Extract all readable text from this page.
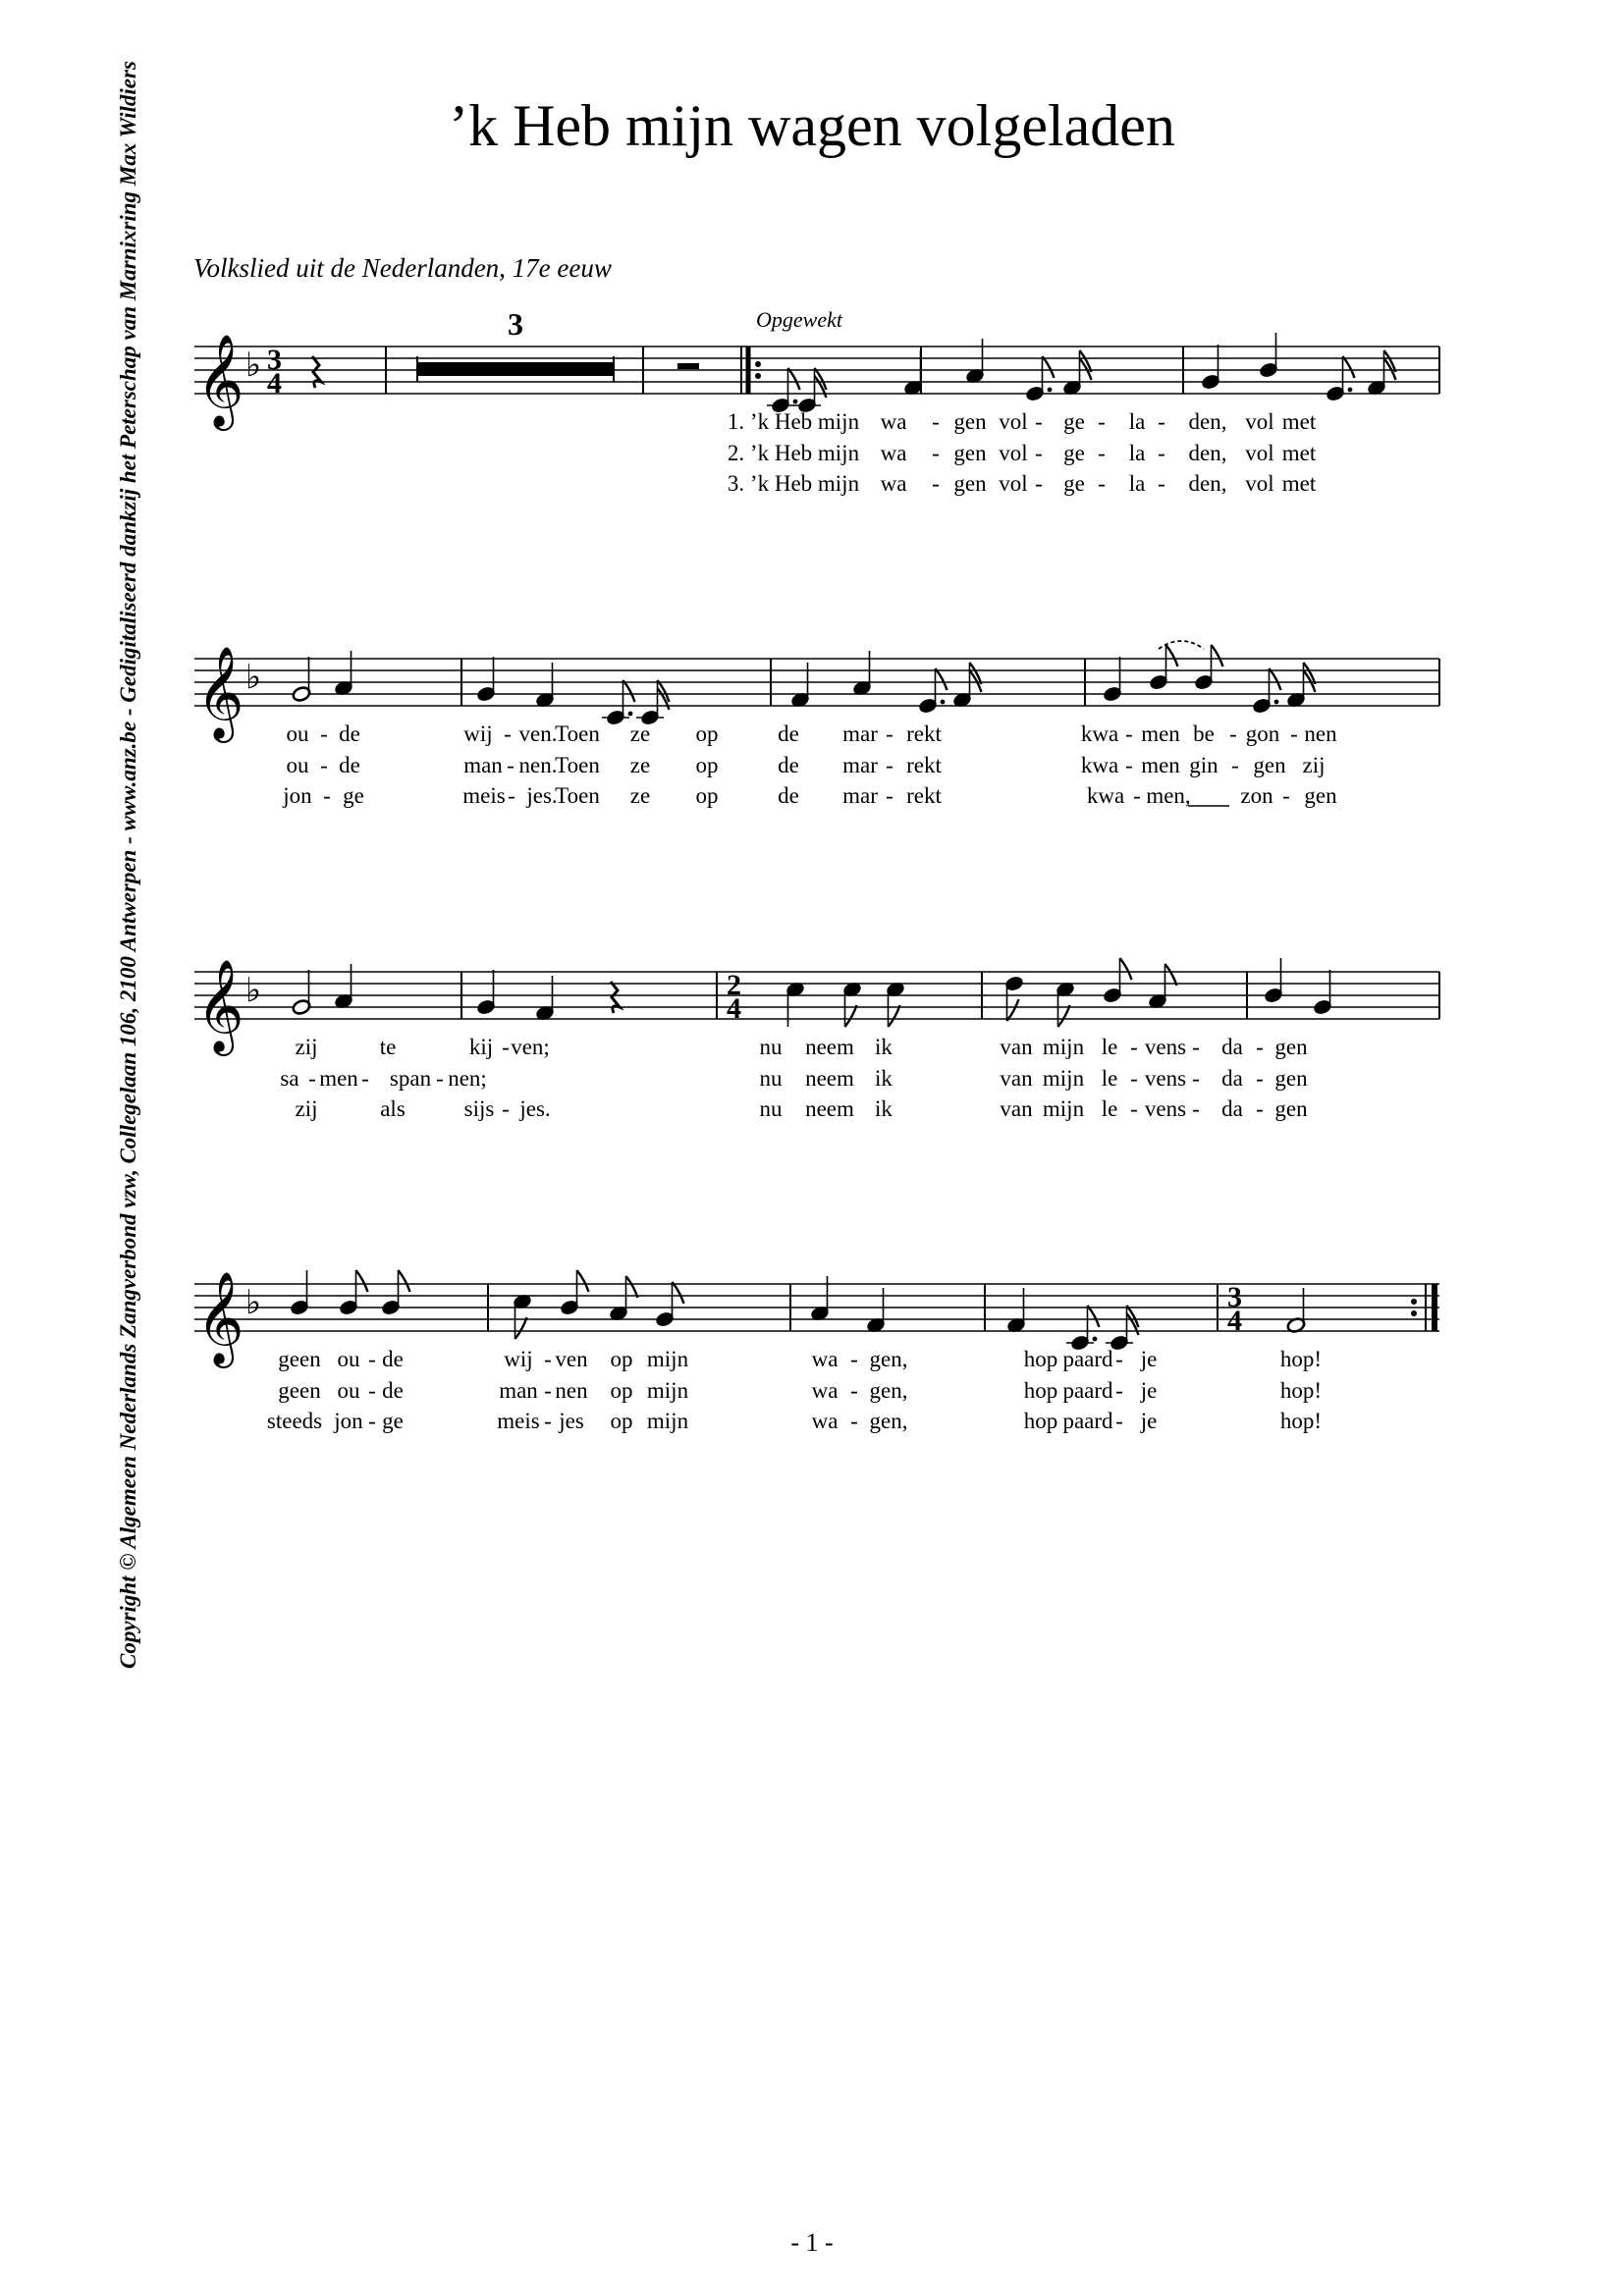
’k Heb mijn wagen volgeladen
Volkslied uit de Nederlanden, 17e eeuw
Copyright © Algemeen Nederlands Zangverbond vzw, Collegelaan 106, 2100 Antwerpen - www.anz.be - Gedigitaliseerd dankzij het Peterschap van Marnixring Max Wildiers
- 1 -
𝄞 ♭ 3
4
3	Opgewekt
1. ’k Heb mijn wa - gen vol - ge - la - den, vol met
2. ’k Heb mijn wa - gen vol - ge - la - den, vol met
3. ’k Heb mijn wa - gen vol - ge - la - den, vol met
𝄞 ♭
ou - de	wij - ven.
Toen ze op	de mar - rekt	kwa - men be - gon - nen
ou - de	man - nen.
Toen ze op	de mar - rekt	kwa - men gin - gen zij
jon - ge	meis - jes.
Toen ze op	de mar - rekt	kwa - men, zon - gen
𝄞 ♭	2
4
zij	te	kij - ven;	nu neem ik	van mijn le - vens - da - gen
sa - men - span - nen;	nu neem ik	van mijn le - vens - da - gen
zij	als	sijs - jes.	nu neem ik	van mijn le - vens - da - gen
𝄞 ♭	3
4
geen ou - de	wij - ven op mijn	wa - gen,	hop paard - je	hop!
geen ou - de	man - nen op mijn	wa - gen,	hop paard - je	hop!
steeds jon - ge	meis - jes op mijn	wa - gen,	hop paard - je	hop!
